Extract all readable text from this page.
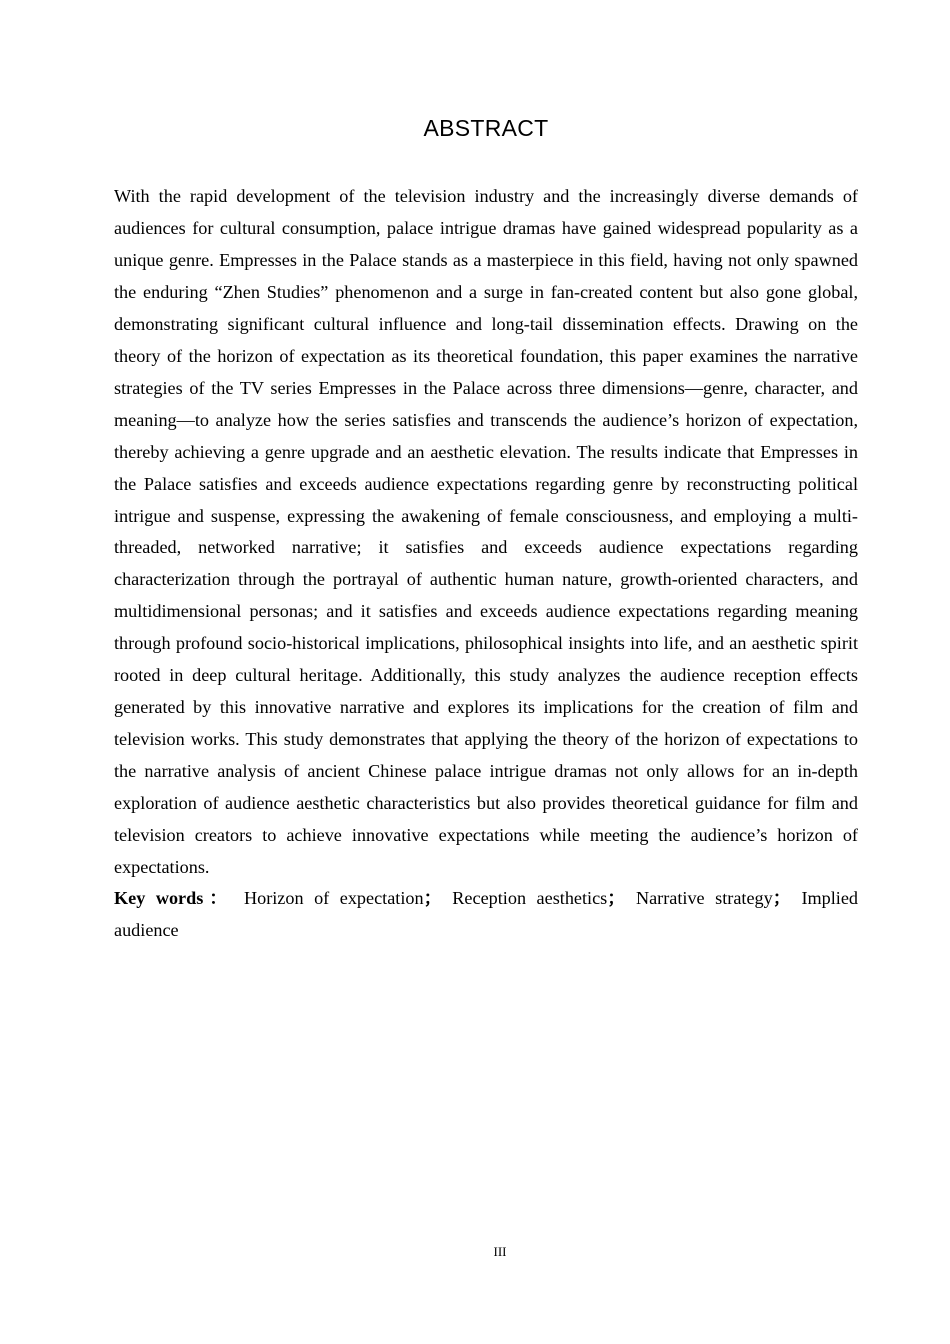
ABSTRACT

With the rapid development of the television industry and the increasingly diverse demands of audiences for cultural consumption, palace intrigue dramas have gained widespread popularity as a unique genre. Empresses in the Palace stands as a masterpiece in this field, having not only spawned the enduring “Zhen Studies” phenomenon and a surge in fan-created content but also gone global, demonstrating significant cultural influence and long-tail dissemination effects. Drawing on the theory of the horizon of expectation as its theoretical foundation, this paper examines the narrative strategies of the TV series Empresses in the Palace across three dimensions—genre, character, and meaning—to analyze how the series satisfies and transcends the audience’s horizon of expectation, thereby achieving a genre upgrade and an aesthetic elevation. The results indicate that Empresses in the Palace satisfies and exceeds audience expectations regarding genre by reconstructing political intrigue and suspense, expressing the awakening of female consciousness, and employing a multi-threaded, networked narrative; it satisfies and exceeds audience expectations regarding characterization through the portrayal of authentic human nature, growth-oriented characters, and multidimensional personas; and it satisfies and exceeds audience expectations regarding meaning through profound socio-historical implications, philosophical insights into life, and an aesthetic spirit rooted in deep cultural heritage. Additionally, this study analyzes the audience reception effects generated by this innovative narrative and explores its implications for the creation of film and television works. This study demonstrates that applying the theory of the horizon of expectations to the narrative analysis of ancient Chinese palace intrigue dramas not only allows for an in-depth exploration of audience aesthetic characteristics but also provides theoretical guidance for film and television creators to achieve innovative expectations while meeting the audience’s horizon of expectations.

Key words： Horizon of expectation； Reception aesthetics； Narrative strategy； Implied audience

III
